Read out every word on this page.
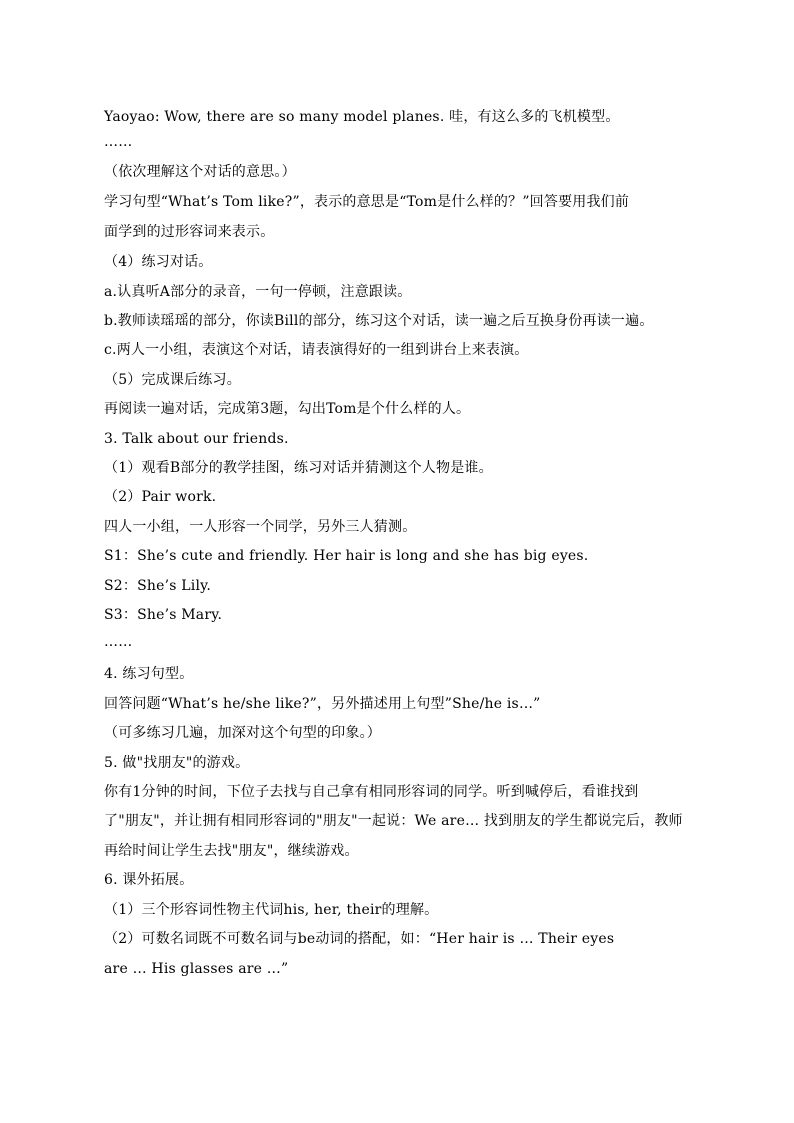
Yaoyao: Wow, there are so many model planes. 哇，有这么多的飞机模型。
……
（依次理解这个对话的意思。）
学习句型“What’s Tom like?”，表示的意思是“Tom是什么样的？”回答要用我们前
面学到的过形容词来表示。
（4）练习对话。
a.认真听A部分的录音，一句一停顿，注意跟读。
b.教师读瑶瑶的部分，你读Bill的部分，练习这个对话，读一遍之后互换身份再读一遍。
c.两人一小组，表演这个对话，请表演得好的一组到讲台上来表演。
（5）完成课后练习。
再阅读一遍对话，完成第3题，勾出Tom是个什么样的人。
3. Talk about our friends.
（1）观看B部分的教学挂图，练习对话并猜测这个人物是谁。
（2）Pair work.
四人一小组，一人形容一个同学，另外三人猜测。
S1：She’s cute and friendly. Her hair is long and she has big eyes.
S2：She’s Lily.
S3：She’s Mary.
……
4. 练习句型。
回答问题“What’s he/she like?”，另外描述用上句型”She/he is…”
（可多练习几遍，加深对这个句型的印象。）
5. 做"找朋友"的游戏。
你有1分钟的时间，下位子去找与自己拿有相同形容词的同学。听到喊停后，看谁找到
了"朋友"，并让拥有相同形容词的"朋友"一起说：We are… 找到朋友的学生都说完后，教师
再给时间让学生去找"朋友"，继续游戏。
6. 课外拓展。
（1）三个形容词性物主代词his, her, their的理解。
（2）可数名词既不可数名词与be动词的搭配，如：“Her hair is … Their eyes
are … His glasses are …”
